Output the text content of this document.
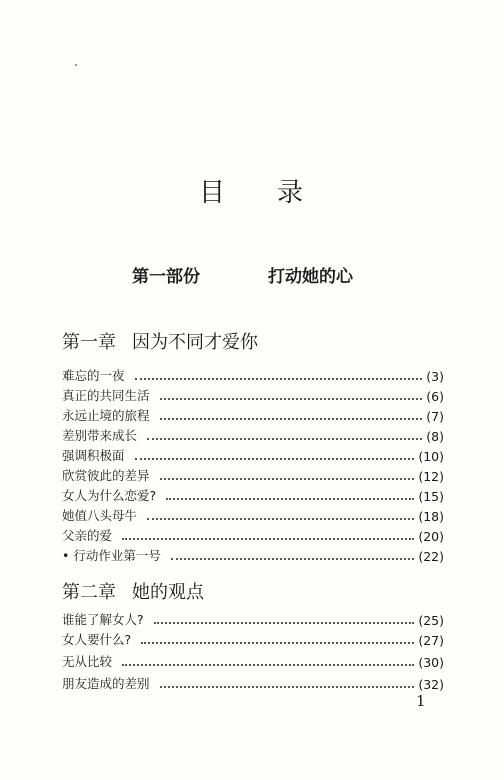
目 录
第一部份	打动她的心
第一章 因为不同才爱你
难忘的一夜	(3)
真正的共同生活	(6)
永远止境的旅程	(7)
差别带来成长	(8)
强调积极面	(10)
欣赏彼此的差异	(12)
女人为什么恋爱?	(15)
她值八头母牛	(18)
父亲的爱	(20)
• 行动作业第一号	(22)
第二章 她的观点
谁能了解女人?	(25)
女人要什么?	(27)
无从比较	(30)
朋友造成的差别	(32)
1
